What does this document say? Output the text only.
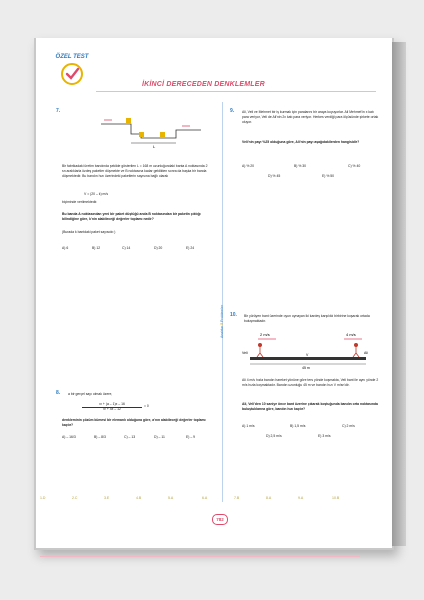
ÖZEL TEST
İKİNCİ DERECEDEN DENKLEMLER
Anahtar 5 Problemler
7.
L
Bir fabrikadaki üretim bandında şekilde gösterilen L = 168 m uzunluğundaki banta A noktasında 2 sn aralıklarla özdeş paketler düşmekte ve B noktasına kadar geldikten sonra da başka bir banda düşmektedir. Bu bandın hızı üzerindeki paketlerin sayısına bağlı olarak
V = (20 – k) m/s
biçiminde verilmektedir.
Bu banda A noktasından yeni bir paket düştüğü anda B noktasından bir paketin çıktığı bilindiğine göre, k'nin alabileceği değerler toplamı nedir?
(Burada k bantdaki paket sayısıdır.)
A) 6	B) 12	C) 14	D) 20	E) 24
8. a bir gerçel sayı olmak üzere,
x² + (a – 1)x – 16
x² + 4x – 12
= 0
denkleminin çözüm kümesi bir elemanlı olduğuna göre, a'nın alabileceği değerler toplamı kaçtır?
A) – 16/3	B) – 8/3	C) – 13	D) – 11	E) – 9
9. Ali, Veli ve Mehmet bir iş kurmak için paralarını bir araya koyuyorlar. Ali Mehmet'in x katı para veriyor, Veli de Ali'nin 2x katı para veriyor. Herkes verdiği para ölçüsünde şirkete ortak oluyor.
Veli'nin payı %25 olduğuna göre, Ali'nin payı aşağıdakilerden hangisidir?
A) % 20	B) % 30	C) % 40
D) % 45	E) % 50
10. Bir yürüyen bant üzerinde oyun oynayan iki kardeş karşılıklı birbirine koşarak ortada buluşmaktadır.
2 m/s	4 m/s
Veli	Ali
V
45 m
Ali 4 m/s hızla bandın hareket yönüne göre ters yönde koşmakta, Veli bant ile aynı yönde 2 m/s hızla koşmaktadır. Bandın uzunluğu 45 m ve bandın hızı V m/sn'dir.
Ali, Veli'den 10 saniye önce bant üzerine çıkarak koştuğunda bandın orta noktasında buluştuklarına göre, bandın hızı kaçtır?
A) 1 m/s	B) 1,5 m/s	C) 2 m/s
D) 2,5 m/s	E) 3 m/s
782
1.D	2.C	3.E	4.B	5.A	6.A	7.B	8.A	9.A	10.B
